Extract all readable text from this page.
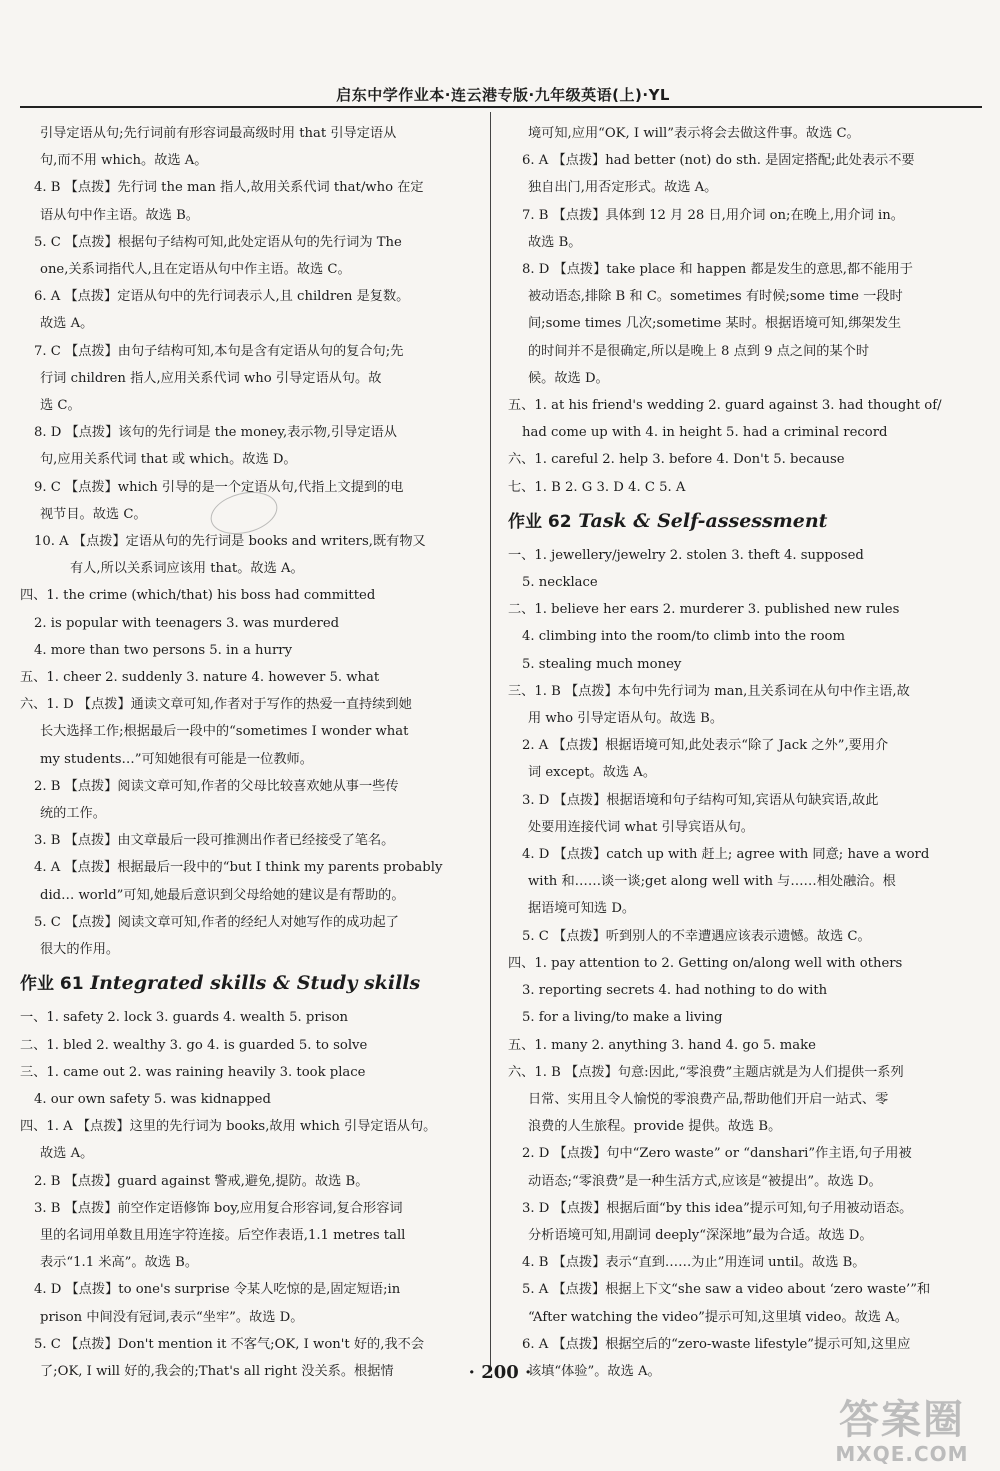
启东中学作业本·连云港专版·九年级英语(上)·YL

引导定语从句;先行词前有形容词最高级时用 that 引导定语从

句,而不用 which。故选 A。

4. B 【点拨】先行词 the man 指人,故用关系代词 that/who 在定

语从句中作主语。故选 B。

5. C 【点拨】根据句子结构可知,此处定语从句的先行词为 The

one,关系词指代人,且在定语从句中作主语。故选 C。

6. A 【点拨】定语从句中的先行词表示人,且 children 是复数。

故选 A。

7. C 【点拨】由句子结构可知,本句是含有定语从句的复合句;先

行词 children 指人,应用关系代词 who 引导定语从句。故

选 C。

8. D 【点拨】该句的先行词是 the money,表示物,引导定语从

句,应用关系代词 that 或 which。故选 D。

9. C 【点拨】which 引导的是一个定语从句,代指上文提到的电

视节目。故选 C。

10. A 【点拨】定语从句的先行词是 books and writers,既有物又

有人,所以关系词应该用 that。故选 A。

四、1. the crime (which/that) his boss had committed

2. is popular with teenagers 3. was murdered

4. more than two persons 5. in a hurry

五、1. cheer 2. suddenly 3. nature 4. however 5. what

六、1. D 【点拨】通读文章可知,作者对于写作的热爱一直持续到她

长大选择工作;根据最后一段中的“sometimes I wonder what

my students…”可知她很有可能是一位教师。

2. B 【点拨】阅读文章可知,作者的父母比较喜欢她从事一些传

统的工作。

3. B 【点拨】由文章最后一段可推测出作者已经接受了笔名。

4. A 【点拨】根据最后一段中的“but I think my parents probably

did… world”可知,她最后意识到父母给她的建议是有帮助的。

5. C 【点拨】阅读文章可知,作者的经纪人对她写作的成功起了

很大的作用。

作业 61 Integrated skills & Study skills

一、1. safety 2. lock 3. guards 4. wealth 5. prison

二、1. bled 2. wealthy 3. go 4. is guarded 5. to solve

三、1. came out 2. was raining heavily 3. took place

4. our own safety 5. was kidnapped

四、1. A 【点拨】这里的先行词为 books,故用 which 引导定语从句。

故选 A。

2. B 【点拨】guard against 警戒,避免,提防。故选 B。

3. B 【点拨】前空作定语修饰 boy,应用复合形容词,复合形容词

里的名词用单数且用连字符连接。后空作表语,1.1 metres tall

表示“1.1 米高”。故选 B。

4. D 【点拨】to one's surprise 令某人吃惊的是,固定短语;in

prison 中间没有冠词,表示“坐牢”。故选 D。

5. C 【点拨】Don't mention it 不客气;OK, I won't 好的,我不会

了;OK, I will 好的,我会的;That's all right 没关系。根据情

境可知,应用“OK, I will”表示将会去做这件事。故选 C。

6. A 【点拨】had better (not) do sth. 是固定搭配;此处表示不要

独自出门,用否定形式。故选 A。

7. B 【点拨】具体到 12 月 28 日,用介词 on;在晚上,用介词 in。

故选 B。

8. D 【点拨】take place 和 happen 都是发生的意思,都不能用于

被动语态,排除 B 和 C。sometimes 有时候;some time 一段时

间;some times 几次;sometime 某时。根据语境可知,绑架发生

的时间并不是很确定,所以是晚上 8 点到 9 点之间的某个时

候。故选 D。

五、1. at his friend's wedding 2. guard against 3. had thought of/

had come up with 4. in height 5. had a criminal record

六、1. careful 2. help 3. before 4. Don't 5. because

七、1. B 2. G 3. D 4. C 5. A

作业 62 Task & Self-assessment

一、1. jewellery/jewelry 2. stolen 3. theft 4. supposed

5. necklace

二、1. believe her ears 2. murderer 3. published new rules

4. climbing into the room/to climb into the room

5. stealing much money

三、1. B 【点拨】本句中先行词为 man,且关系词在从句中作主语,故

用 who 引导定语从句。故选 B。

2. A 【点拨】根据语境可知,此处表示“除了 Jack 之外”,要用介

词 except。故选 A。

3. D 【点拨】根据语境和句子结构可知,宾语从句缺宾语,故此

处要用连接代词 what 引导宾语从句。

4. D 【点拨】catch up with 赶上; agree with 同意; have a word

with 和……谈一谈;get along well with 与……相处融洽。根

据语境可知选 D。

5. C 【点拨】听到别人的不幸遭遇应该表示遗憾。故选 C。

四、1. pay attention to 2. Getting on/along well with others

3. reporting secrets 4. had nothing to do with

5. for a living/to make a living

五、1. many 2. anything 3. hand 4. go 5. make

六、1. B 【点拨】句意:因此,“零浪费”主题店就是为人们提供一系列

日常、实用且令人愉悦的零浪费产品,帮助他们开启一站式、零

浪费的人生旅程。provide 提供。故选 B。

2. D 【点拨】句中“Zero waste” or “danshari”作主语,句子用被

动语态;“零浪费”是一种生活方式,应该是“被提出”。故选 D。

3. D 【点拨】根据后面“by this idea”提示可知,句子用被动语态。

分析语境可知,用副词 deeply“深深地”最为合适。故选 D。

4. B 【点拨】表示“直到……为止”用连词 until。故选 B。

5. A 【点拨】根据上下文“she saw a video about ‘zero waste’”和

“After watching the video”提示可知,这里填 video。故选 A。

6. A 【点拨】根据空后的“zero-waste lifestyle”提示可知,这里应

该填“体验”。故选 A。

· 200 ·
答案圈
MXQE.COM
